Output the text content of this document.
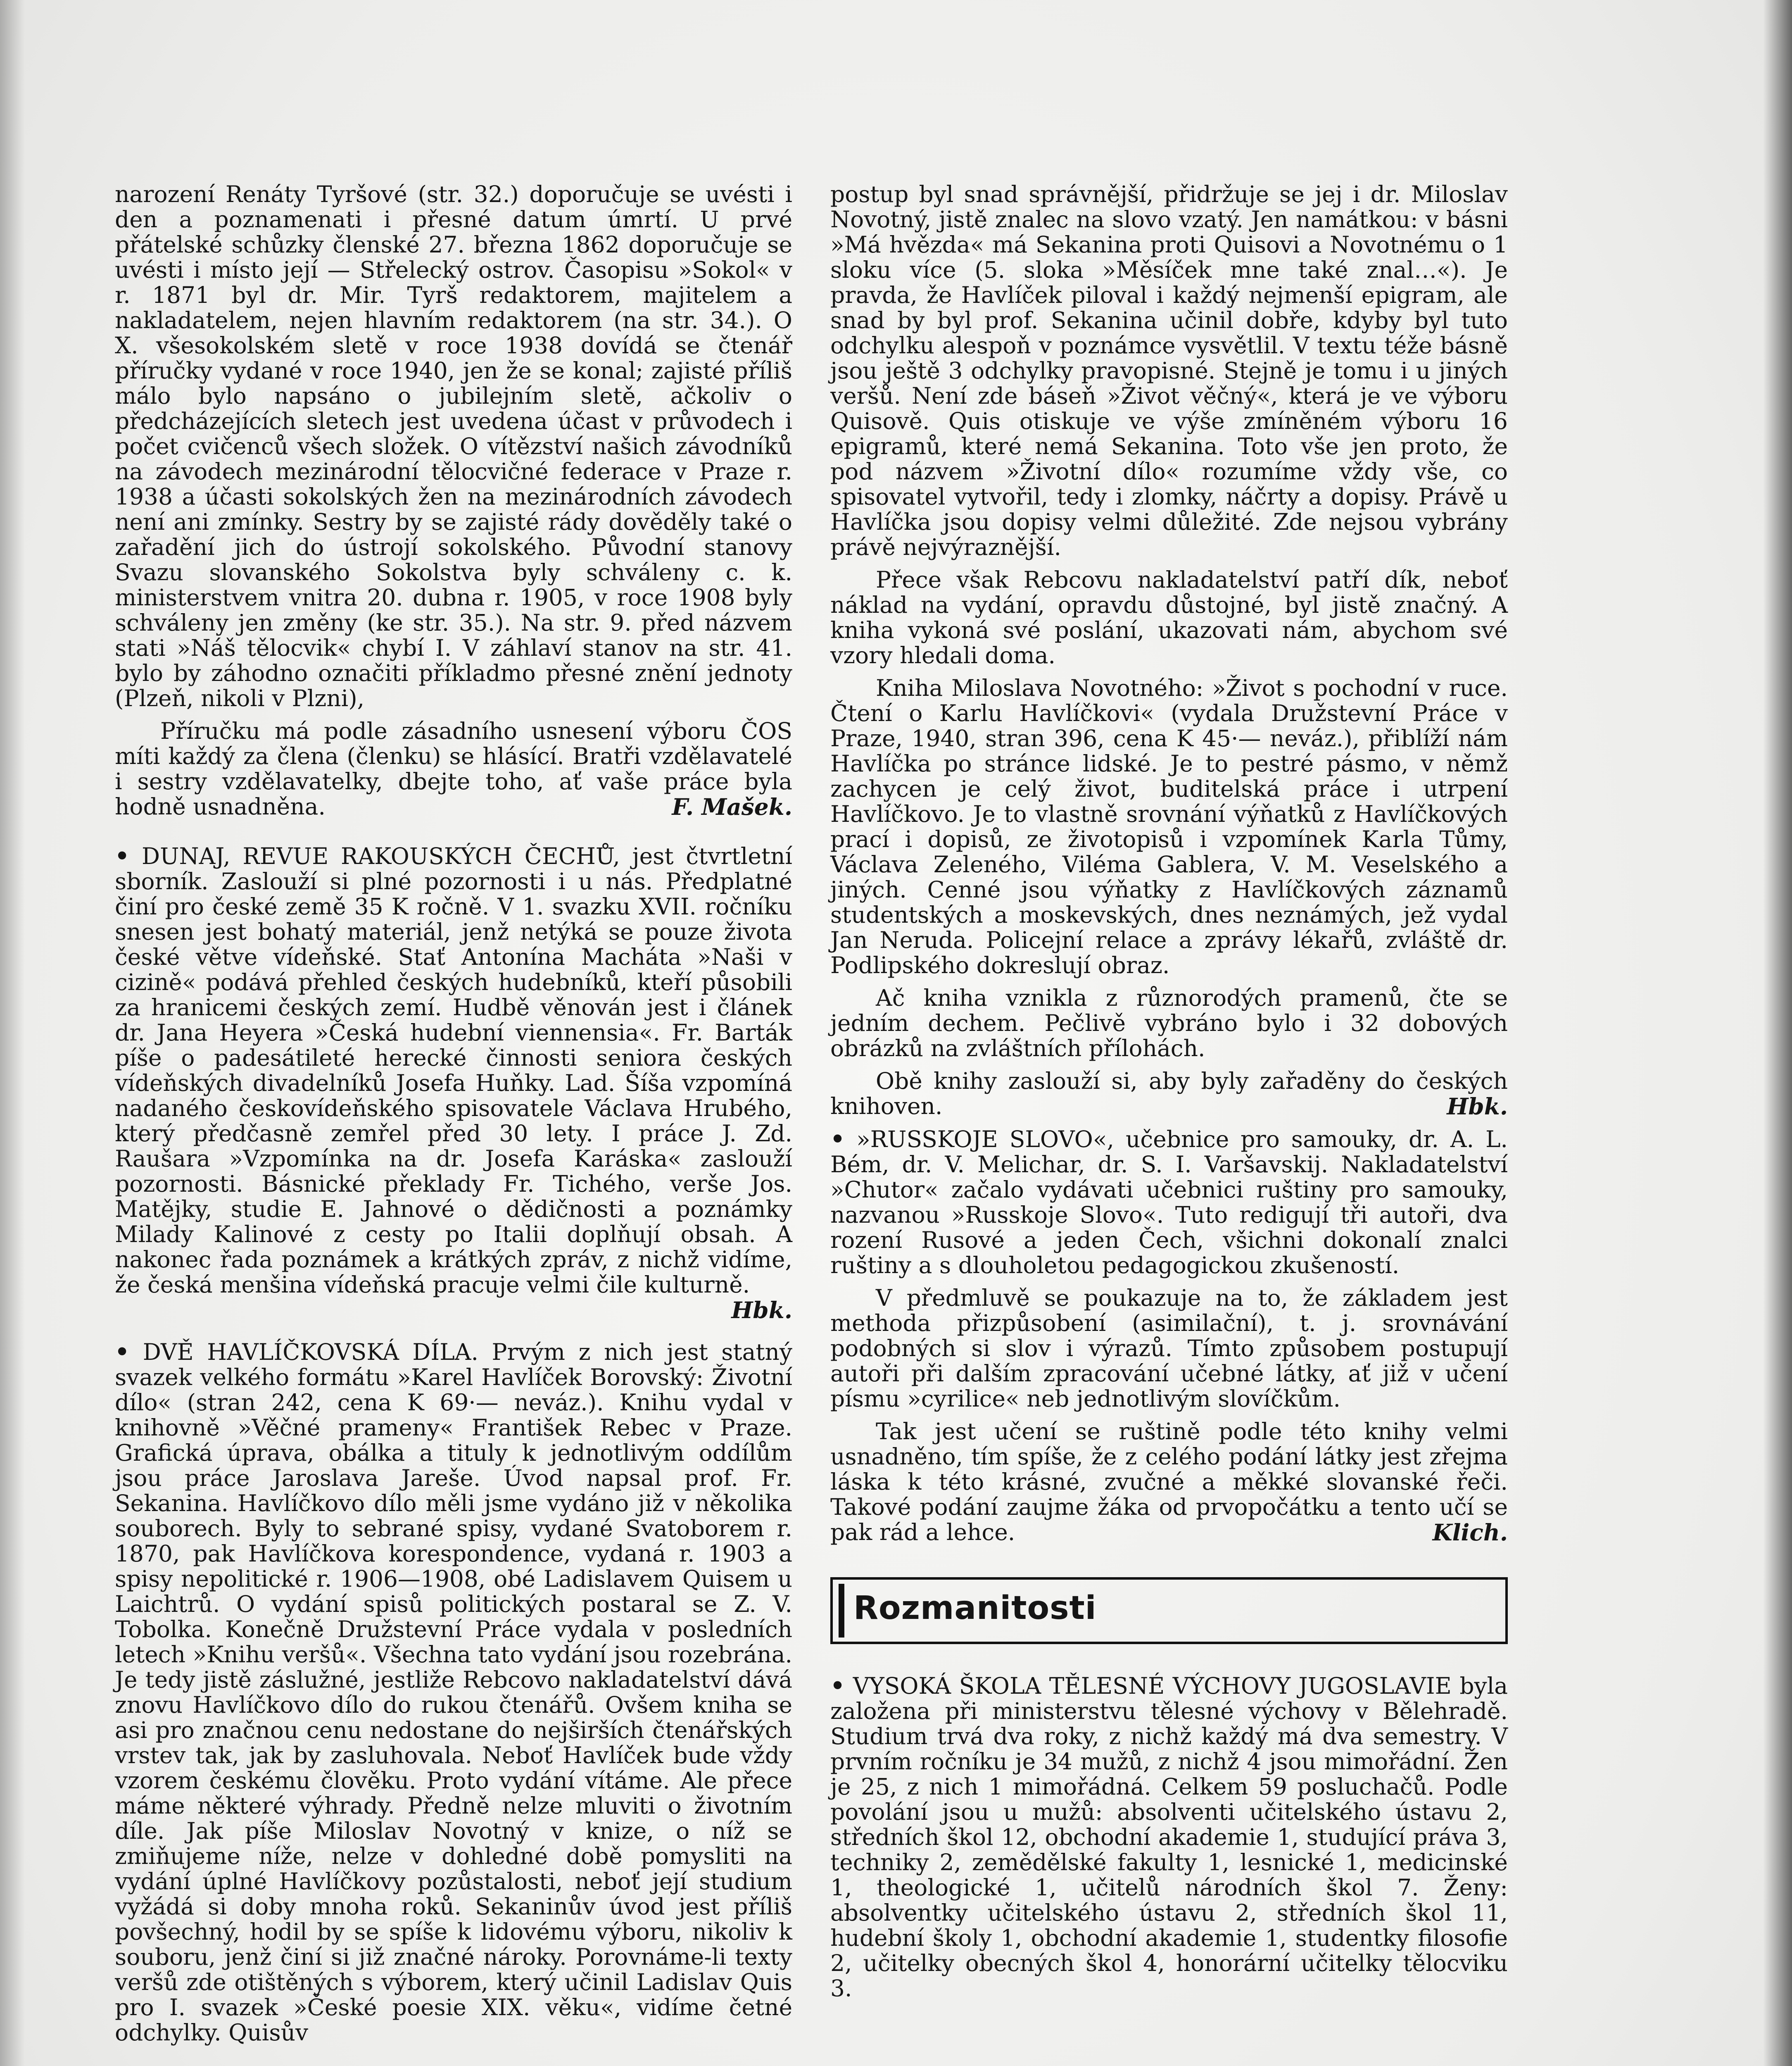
narození Renáty Tyršové (str. 32.) doporučuje se uvésti i den a poznamenati i přesné datum úmrtí. U prvé přátelské schůzky členské 27. března 1862 doporučuje se uvésti i místo její — Střelecký ostrov. Časopisu »Sokol« v r. 1871 byl dr. Mir. Tyrš redaktorem, majitelem a nakladatelem, nejen hlavním redaktorem (na str. 34.). O X. všesokolském sletě v roce 1938 dovídá se čtenář příručky vydané v roce 1940, jen že se konal; zajisté příliš málo bylo napsáno o jubilejním sletě, ačkoliv o předcházejících sletech jest uvedena účast v průvodech i počet cvičenců všech složek. O vítězství našich závodníků na závodech mezinárodní tělocvičné federace v Praze r. 1938 a účasti sokolských žen na mezinárodních závodech není ani zmínky. Sestry by se zajisté rády dověděly také o zařadění jich do ústrojí sokolského. Původní stanovy Svazu slovanského Sokolstva byly schváleny c. k. ministerstvem vnitra 20. dubna r. 1905, v roce 1908 byly schváleny jen změny (ke str. 35.). Na str. 9. před názvem stati »Náš tělocvik« chybí I. V záhlaví stanov na str. 41. bylo by záhodno označiti příkladmo přesné znění jednoty (Plzeň, nikoli v Plzni),

Příručku má podle zásadního usnesení výboru ČOS míti každý za člena (členku) se hlásící. Bratři vzdělavatelé i sestry vzdělavatelky, dbejte toho, ať vaše práce byla hodně usnadněna.	F. Mašek.

• DUNAJ, REVUE RAKOUSKÝCH ČECHŮ, jest čtvrtletní sborník. Zaslouží si plné pozornosti i u nás. Předplatné činí pro české země 35 K ročně. V 1. svazku XVII. ročníku snesen jest bohatý materiál, jenž netýká se pouze života české větve vídeňské. Stať Antonína Macháta »Naši v cizině« podává přehled českých hudebníků, kteří působili za hranicemi českých zemí. Hudbě věnován jest i článek dr. Jana Heyera »Česká hudební viennensia«. Fr. Barták píše o padesátileté herecké činnosti seniora českých vídeňských divadelníků Josefa Huňky. Lad. Šíša vzpomíná nadaného českovídeňského spisovatele Václava Hrubého, který předčasně zemřel před 30 lety. I práce J. Zd. Raušara »Vzpomínka na dr. Josefa Karáska« zaslouží pozornosti. Básnické překlady Fr. Tichého, verše Jos. Matějky, studie E. Jahnové o dědičnosti a poznámky Milady Kalinové z cesty po Italii doplňují obsah. A nakonec řada poznámek a krátkých zpráv, z nichž vidíme, že česká menšina vídeňská pracuje velmi čile kulturně.
Hbk.

• DVĚ HAVLÍČKOVSKÁ DÍLA. Prvým z nich jest statný svazek velkého formátu »Karel Havlíček Borovský: Životní dílo« (stran 242, cena K 69·— neváz.). Knihu vydal v knihovně »Věčné prameny« František Rebec v Praze. Grafická úprava, obálka a tituly k jednotlivým oddílům jsou práce Jaroslava Jareše. Úvod napsal prof. Fr. Sekanina. Havlíčkovo dílo měli jsme vydáno již v několika souborech. Byly to sebrané spisy, vydané Svatoborem r. 1870, pak Havlíčkova korespondence, vydaná r. 1903 a spisy nepolitické r. 1906—1908, obé Ladislavem Quisem u Laichtrů. O vydání spisů politických postaral se Z. V. Tobolka. Konečně Družstevní Práce vydala v posledních letech »Knihu veršů«. Všechna tato vydání jsou rozebrána. Je tedy jistě záslužné, jestliže Rebcovo nakladatelství dává znovu Havlíčkovo dílo do rukou čtenářů. Ovšem kniha se asi pro značnou cenu nedostane do nejširších čtenářských vrstev tak, jak by zasluhovala. Neboť Havlíček bude vždy vzorem českému člověku. Proto vydání vítáme. Ale přece máme některé výhrady. Předně nelze mluviti o životním díle. Jak píše Miloslav Novotný v knize, o níž se zmiňujeme níže, nelze v dohledné době pomysliti na vydání úplné Havlíčkovy pozůstalosti, neboť její studium vyžádá si doby mnoha roků. Sekaninův úvod jest příliš povšechný, hodil by se spíše k lidovému výboru, nikoliv k souboru, jenž činí si již značné nároky. Porovnáme-li texty veršů zde otištěných s výborem, který učinil Ladislav Quis pro I. svazek »České poesie XIX. věku«, vidíme četné odchylky. Quisův

postup byl snad správnější, přidržuje se jej i dr. Miloslav Novotný, jistě znalec na slovo vzatý. Jen namátkou: v básni »Má hvězda« má Sekanina proti Quisovi a Novotnému o 1 sloku více (5. sloka »Měsíček mne také znal…«). Je pravda, že Havlíček piloval i každý nejmenší epigram, ale snad by byl prof. Sekanina učinil dobře, kdyby byl tuto odchylku alespoň v poznámce vysvětlil. V textu téže básně jsou ještě 3 odchylky pravopisné. Stejně je tomu i u jiných veršů. Není zde báseň »Život věčný«, která je ve výboru Quisově. Quis otiskuje ve výše zmíněném výboru 16 epigramů, které nemá Sekanina. Toto vše jen proto, že pod názvem »Životní dílo« rozumíme vždy vše, co spisovatel vytvořil, tedy i zlomky, náčrty a dopisy. Právě u Havlíčka jsou dopisy velmi důležité. Zde nejsou vybrány právě nejvýraznější.

Přece však Rebcovu nakladatelství patří dík, neboť náklad na vydání, opravdu důstojné, byl jistě značný. A kniha vykoná své poslání, ukazovati nám, abychom své vzory hledali doma.

Kniha Miloslava Novotného: »Život s pochodní v ruce. Čtení o Karlu Havlíčkovi« (vydala Družstevní Práce v Praze, 1940, stran 396, cena K 45·— neváz.), přiblíží nám Havlíčka po stránce lidské. Je to pestré pásmo, v němž zachycen je celý život, buditelská práce i utrpení Havlíčkovo. Je to vlastně srovnání výňatků z Havlíčkových prací i dopisů, ze životopisů i vzpomínek Karla Tůmy, Václava Zeleného, Viléma Gablera, V. M. Veselského a jiných. Cenné jsou výňatky z Havlíčkových záznamů studentských a moskevských, dnes neznámých, jež vydal Jan Neruda. Policejní relace a zprávy lékařů, zvláště dr. Podlipského dokreslují obraz.

Ač kniha vznikla z různorodých pramenů, čte se jedním dechem. Pečlivě vybráno bylo i 32 dobových obrázků na zvláštních přílohách.

Obě knihy zaslouží si, aby byly zařaděny do českých knihoven.	Hbk.

• »RUSSKOJE SLOVO«, učebnice pro samouky, dr. A. L. Bém, dr. V. Melichar, dr. S. I. Varšavskij. Nakladatelství »Chutor« začalo vydávati učebnici ruštiny pro samouky, nazvanou »Russkoje Slovo«. Tuto redigují tři autoři, dva rození Rusové a jeden Čech, všichni dokonalí znalci ruštiny a s dlouholetou pedagogickou zkušeností.

V předmluvě se poukazuje na to, že základem jest methoda přizpůsobení (asimilační), t. j. srovnávání podobných si slov i výrazů. Tímto způsobem postupují autoři při dalším zpracování učebné látky, ať již v učení písmu »cyrilice« neb jednotlivým slovíčkům.

Tak jest učení se ruštině podle této knihy velmi usnadněno, tím spíše, že z celého podání látky jest zřejma láska k této krásné, zvučné a měkké slovanské řeči. Takové podání zaujme žáka od prvopočátku a tento učí se pak rád a lehce.	Klich.

Rozmanitosti

• VYSOKÁ ŠKOLA TĚLESNÉ VÝCHOVY JUGOSLAVIE byla založena při ministerstvu tělesné výchovy v Bělehradě. Studium trvá dva roky, z nichž každý má dva semestry. V prvním ročníku je 34 mužů, z nichž 4 jsou mimořádní. Žen je 25, z nich 1 mimořádná. Celkem 59 posluchačů. Podle povolání jsou u mužů: absolventi učitelského ústavu 2, středních škol 12, obchodní akademie 1, studující práva 3, techniky 2, zemědělské fakulty 1, lesnické 1, medicinské 1, theologické 1, učitelů národních škol 7. Ženy: absolventky učitelského ústavu 2, středních škol 11, hudební školy 1, obchodní akademie 1, studentky filosofie 2, učitelky obecných škol 4, honorární učitelky tělocviku 3.
